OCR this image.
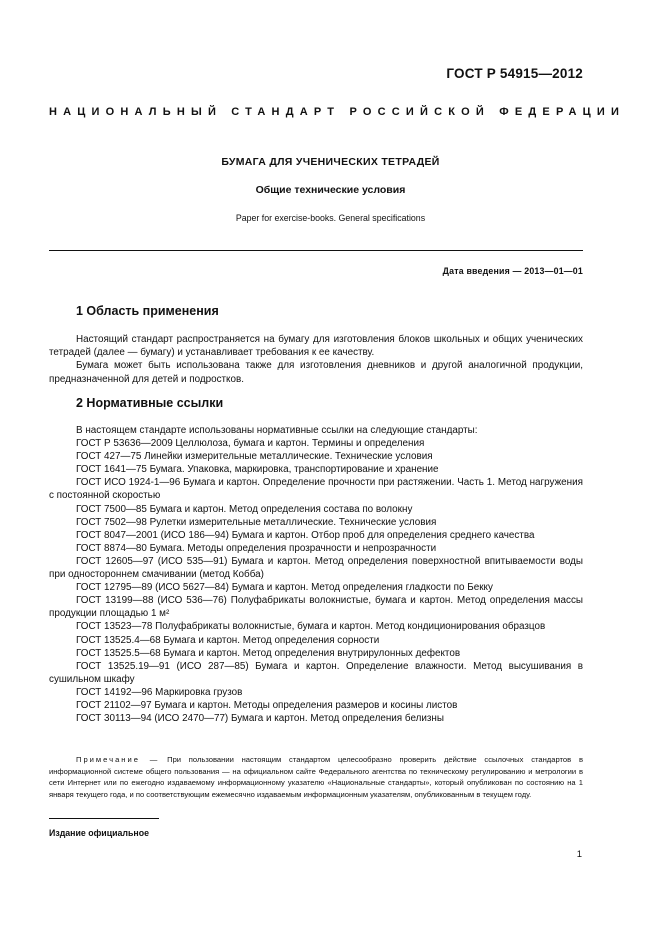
ГОСТ Р 54915—2012
НАЦИОНАЛЬНЫЙ СТАНДАРТ РОССИЙСКОЙ ФЕДЕРАЦИИ
БУМАГА ДЛЯ УЧЕНИЧЕСКИХ ТЕТРАДЕЙ
Общие технические условия
Paper for exercise-books. General specifications
Дата введения — 2013—01—01
1 Область применения

Настоящий стандарт распространяется на бумагу для изготовления блоков школьных и общих ученических тетрадей (далее — бумагу) и устанавливает требования к ее качеству.

Бумага может быть использована также для изготовления дневников и другой аналогичной продукции, предназначенной для детей и подростков.

2 Нормативные ссылки

В настоящем стандарте использованы нормативные ссылки на следующие стандарты:

ГОСТ Р 53636—2009 Целлюлоза, бумага и картон. Термины и определения

ГОСТ 427—75 Линейки измерительные металлические. Технические условия

ГОСТ 1641—75 Бумага. Упаковка, маркировка, транспортирование и хранение

ГОСТ ИСО 1924-1—96 Бумага и картон. Определение прочности при растяжении. Часть 1. Метод нагружения с постоянной скоростью

ГОСТ 7500—85 Бумага и картон. Метод определения состава по волокну

ГОСТ 7502—98 Рулетки измерительные металлические. Технические условия

ГОСТ 8047—2001 (ИСО 186—94) Бумага и картон. Отбор проб для определения среднего качества

ГОСТ 8874—80 Бумага. Методы определения прозрачности и непрозрачности

ГОСТ 12605—97 (ИСО 535—91) Бумага и картон. Метод определения поверхностной впитываемости воды при одностороннем смачивании (метод Кобба)

ГОСТ 12795—89 (ИСО 5627—84) Бумага и картон. Метод определения гладкости по Бекку

ГОСТ 13199—88 (ИСО 536—76) Полуфабрикаты волокнистые, бумага и картон. Метод определения массы продукции площадью 1 м²

ГОСТ 13523—78 Полуфабрикаты волокнистые, бумага и картон. Метод кондиционирования образцов

ГОСТ 13525.4—68 Бумага и картон. Метод определения сорности

ГОСТ 13525.5—68 Бумага и картон. Метод определения внутрирулонных дефектов

ГОСТ 13525.19—91 (ИСО 287—85) Бумага и картон. Определение влажности. Метод высушивания в сушильном шкафу

ГОСТ 14192—96 Маркировка грузов

ГОСТ 21102—97 Бумага и картон. Методы определения размеров и косины листов

ГОСТ 30113—94 (ИСО 2470—77) Бумага и картон. Метод определения белизны

Примечание — При пользовании настоящим стандартом целесообразно проверить действие ссылочных стандартов в информационной системе общего пользования — на официальном сайте Федерального агентства по техническому регулированию и метрологии в сети Интернет или по ежегодно издаваемому информационному указателю «Национальные стандарты», который опубликован по состоянию на 1 января текущего года, и по соответствующим ежемесячно издаваемым информационным указателям, опубликованным в текущем году.
Издание официальное
1
